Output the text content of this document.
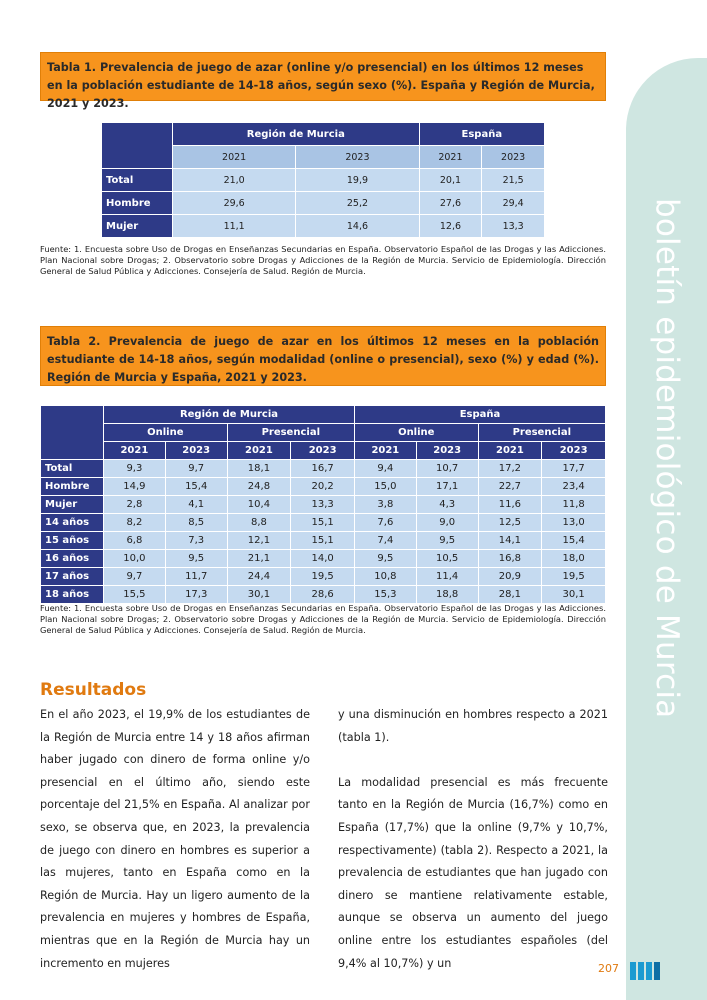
boletín epidemiológico de Murcia
Tabla 1. Prevalencia de juego de azar (online y/o presencial) en los últimos 12 meses en la población estudiante de 14-18 años, según sexo (%). España y Región de Murcia, 2021 y 2023.
	Región de Murcia		España	
	2021	2023	2021	2023
Total	21,0	19,9	20,1	21,5
Hombre	29,6	25,2	27,6	29,4
Mujer	11,1	14,6	12,6	13,3
Fuente: 1. Encuesta sobre Uso de Drogas en Enseñanzas Secundarias en España. Observatorio Español de las Drogas y las Adicciones. Plan Nacional sobre Drogas; 2. Observatorio sobre Drogas y Adicciones de la Región de Murcia. Servicio de Epidemiología. Dirección General de Salud Pública y Adicciones. Consejería de Salud. Región de Murcia.
Tabla 2. Prevalencia de juego de azar en los últimos 12 meses en la población estudiante de 14-18 años, según modalidad (online o presencial), sexo (%) y edad (%). Región de Murcia y España, 2021 y 2023.
	Región de Murcia				España			
	Online		Presencial		Online		Presencial	
	2021	2023	2021	2023	2021	2023	2021	2023
Total	9,3	9,7	18,1	16,7	9,4	10,7	17,2	17,7
Hombre	14,9	15,4	24,8	20,2	15,0	17,1	22,7	23,4
Mujer	2,8	4,1	10,4	13,3	3,8	4,3	11,6	11,8
14 años	8,2	8,5	8,8	15,1	7,6	9,0	12,5	13,0
15 años	6,8	7,3	12,1	15,1	7,4	9,5	14,1	15,4
16 años	10,0	9,5	21,1	14,0	9,5	10,5	16,8	18,0
17 años	9,7	11,7	24,4	19,5	10,8	11,4	20,9	19,5
18 años	15,5	17,3	30,1	28,6	15,3	18,8	28,1	30,1
Fuente: 1. Encuesta sobre Uso de Drogas en Enseñanzas Secundarias en España. Observatorio Español de las Drogas y las Adicciones. Plan Nacional sobre Drogas; 2. Observatorio sobre Drogas y Adicciones de la Región de Murcia. Servicio de Epidemiología. Dirección General de Salud Pública y Adicciones. Consejería de Salud. Región de Murcia.
Resultados

En el año 2023, el 19,9% de los estudiantes de la Región de Murcia entre 14 y 18 años afirman haber jugado con dinero de forma online y/o presencial en el último año, siendo este porcentaje del 21,5% en España. Al analizar por sexo, se observa que, en 2023, la prevalencia de juego con dinero en hombres es superior a las mujeres, tanto en España como en la Región de Murcia. Hay un ligero aumento de la prevalencia en mujeres y hombres de España, mientras que en la Región de Murcia hay un incremento en mujeres

y una disminución en hombres respecto a 2021 (tabla 1).

La modalidad presencial es más frecuente tanto en la Región de Murcia (16,7%) como en España (17,7%) que la online (9,7% y 10,7%, respectivamente) (tabla 2). Respecto a 2021, la prevalencia de estudiantes que han jugado con dinero se mantiene relativamente estable, aunque se observa un aumento del juego online entre los estudiantes españoles (del 9,4% al 10,7%) y un	207
